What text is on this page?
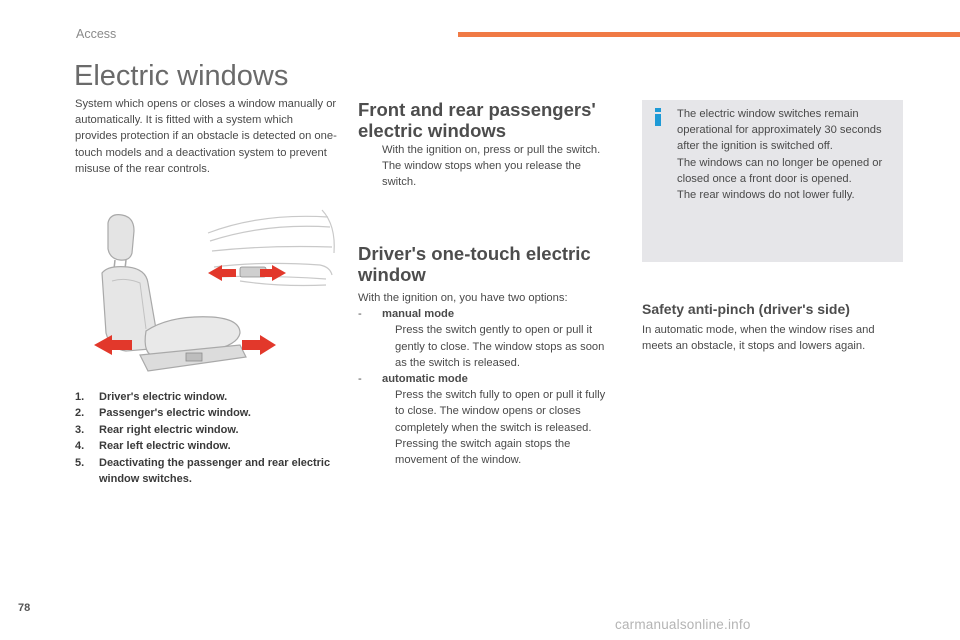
Access
Electric windows
System which opens or closes a window manually or automatically. It is fitted with a system which provides protection if an obstacle is detected on one-touch models and a deactivation system to prevent misuse of the rear controls.
1.	Driver's electric window.
2.	Passenger's electric window.
3.	Rear right electric window.
4.	Rear left electric window.
5.	Deactivating the passenger and rear electric window switches.
Front and rear passengers' electric windows
With the ignition on, press or pull the switch. The window stops when you release the switch.
Driver's one-touch electric window
With the ignition on, you have two options:
-	manual mode
Press the switch gently to open or pull it gently to close. The window stops as soon as the switch is released.
-	automatic mode
Press the switch fully to open or pull it fully to close. The window opens or closes completely when the switch is released.
Pressing the switch again stops the movement of the window.
The electric window switches remain operational for approximately 30 seconds after the ignition is switched off.
The windows can no longer be opened or closed once a front door is opened.
The rear windows do not lower fully.
Safety anti-pinch (driver's side)
In automatic mode, when the window rises and meets an obstacle, it stops and lowers again.
78
carmanualsonline.info
